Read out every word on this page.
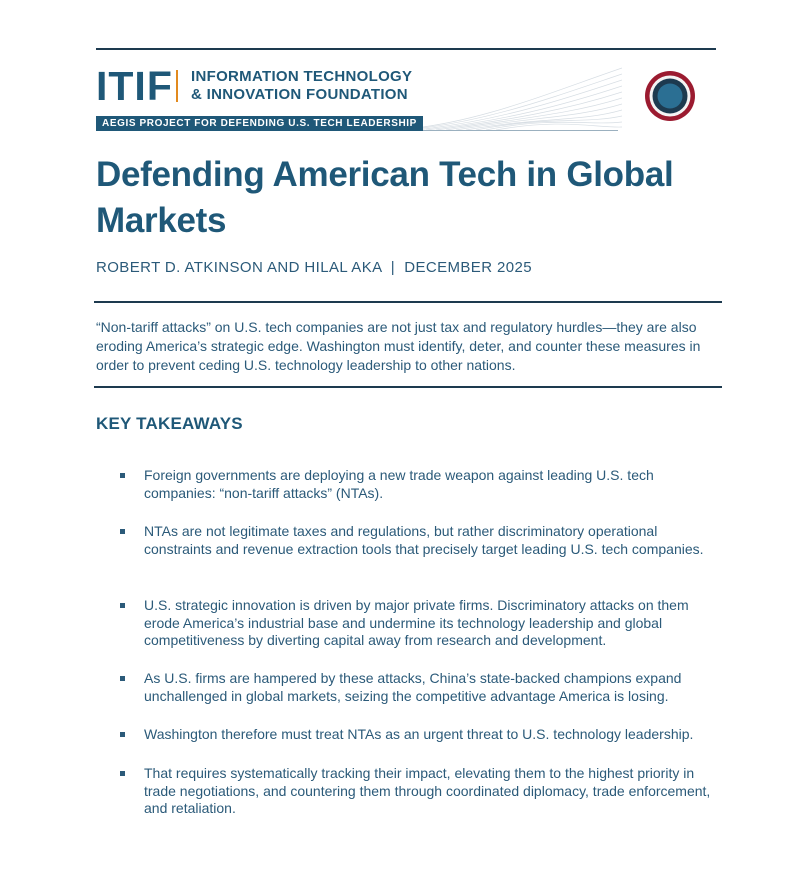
ITIF INFORMATION TECHNOLOGY
& INNOVATION FOUNDATION
AEGIS PROJECT FOR DEFENDING U.S. TECH LEADERSHIP
Defending American Tech in Global Markets
ROBERT D. ATKINSON AND HILAL AKA  |  DECEMBER 2025

“Non-tariff attacks” on U.S. tech companies are not just tax and regulatory hurdles—they are also eroding America’s strategic edge. Washington must identify, deter, and counter these measures in order to prevent ceding U.S. technology leadership to other nations.

KEY TAKEAWAYS
Foreign governments are deploying a new trade weapon against leading U.S. tech companies: “non-tariff attacks” (NTAs).
NTAs are not legitimate taxes and regulations, but rather discriminatory operational constraints and revenue extraction tools that precisely target leading U.S. tech companies.
U.S. strategic innovation is driven by major private firms. Discriminatory attacks on them erode America’s industrial base and undermine its technology leadership and global competitiveness by diverting capital away from research and development.
As U.S. firms are hampered by these attacks, China’s state-backed champions expand unchallenged in global markets, seizing the competitive advantage America is losing.
Washington therefore must treat NTAs as an urgent threat to U.S. technology leadership.
That requires systematically tracking their impact, elevating them to the highest priority in trade negotiations, and countering them through coordinated diplomacy, trade enforcement, and retaliation.
